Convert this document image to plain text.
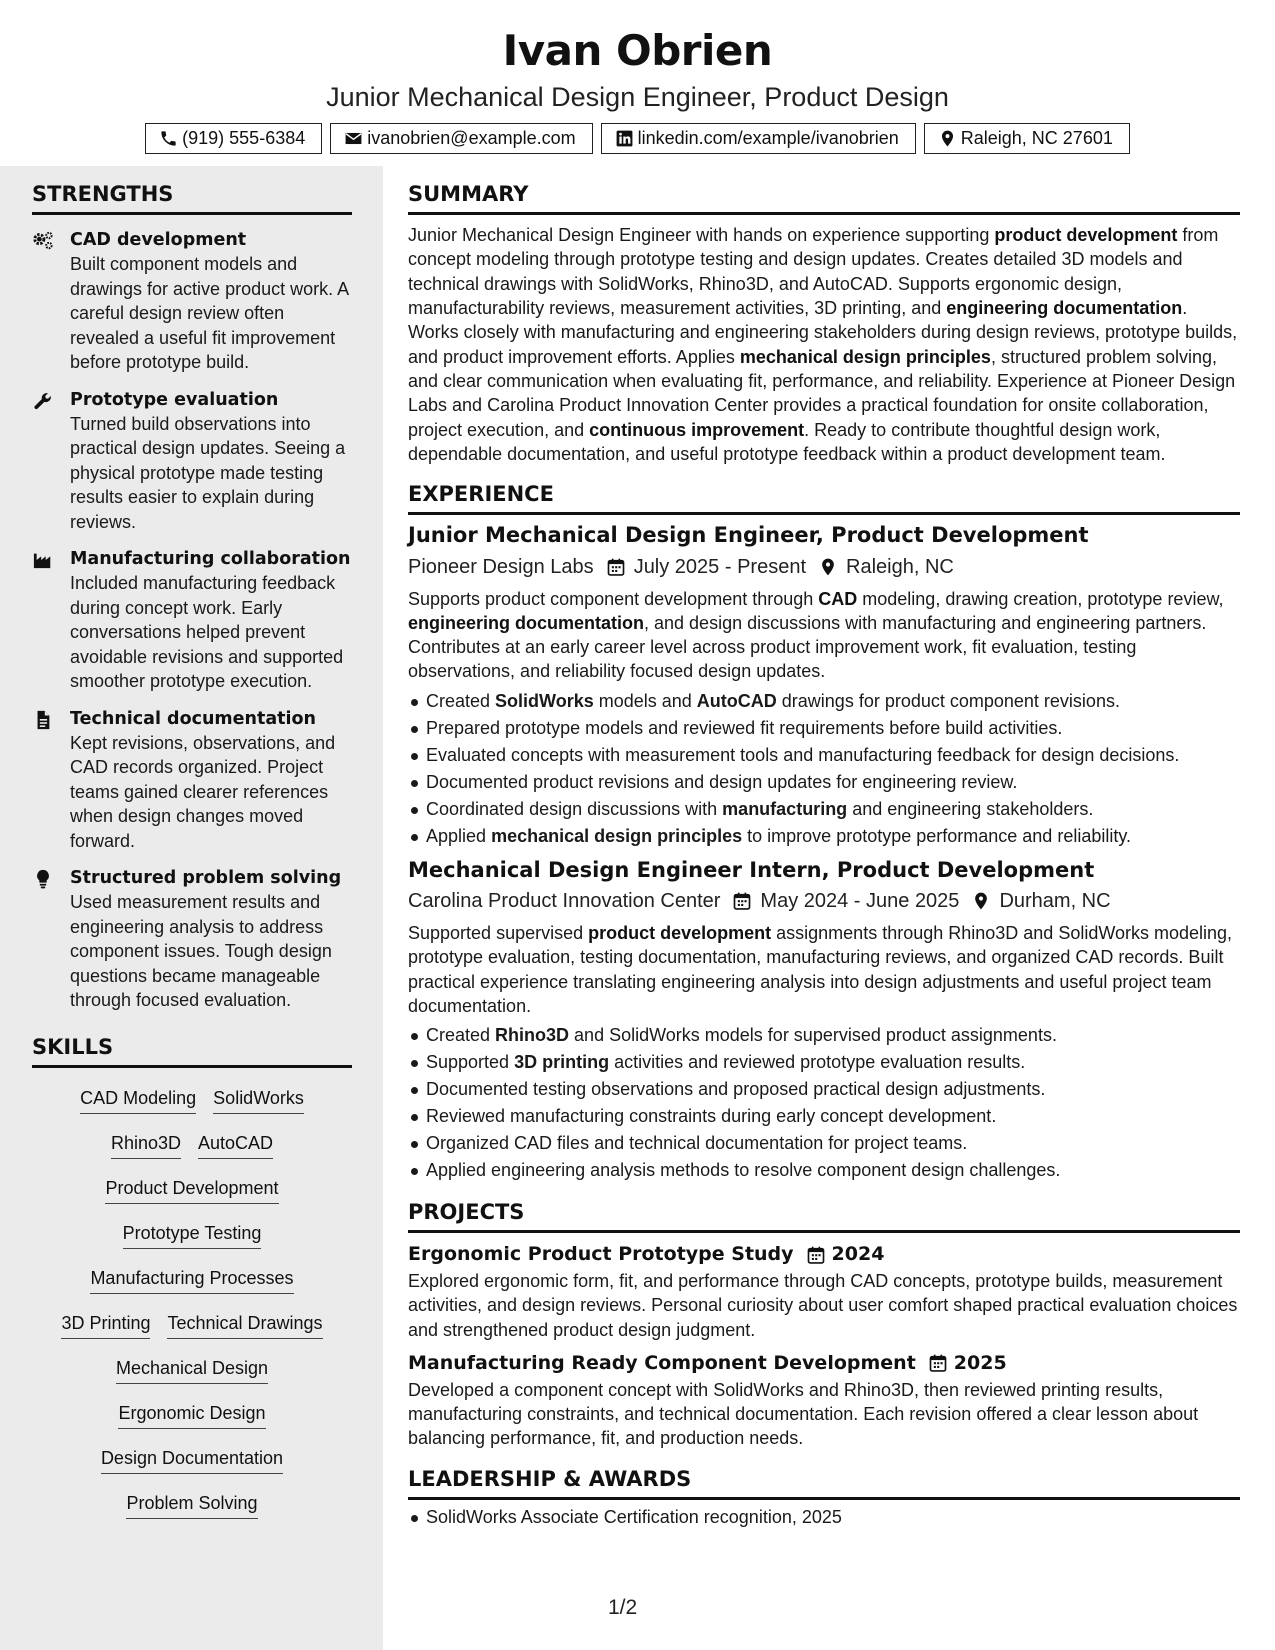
Ivan Obrien
Junior Mechanical Design Engineer, Product Design
(919) 555-6384	ivanobrien@example.com	linkedin.com/example/ivanobrien	Raleigh, NC 27601
STRENGTHS
CAD development
Built component models and drawings for active product work. A careful design review often revealed a useful fit improvement before prototype build.
Prototype evaluation
Turned build observations into practical design updates. Seeing a physical prototype made testing results easier to explain during reviews.
Manufacturing collaboration
Included manufacturing feedback during concept work. Early conversations helped prevent avoidable revisions and supported smoother prototype execution.
Technical documentation
Kept revisions, observations, and CAD records organized. Project teams gained clearer references when design changes moved forward.
Structured problem solving
Used measurement results and engineering analysis to address component issues. Tough design questions became manageable through focused evaluation.
SKILLS
CAD Modeling SolidWorks
Rhino3D AutoCAD
Product Development
Prototype Testing
Manufacturing Processes
3D Printing Technical Drawings
Mechanical Design
Ergonomic Design
Design Documentation
Problem Solving
SUMMARY
Junior Mechanical Design Engineer with hands on experience supporting product development from concept modeling through prototype testing and design updates. Creates detailed 3D models and technical drawings with SolidWorks, Rhino3D, and AutoCAD. Supports ergonomic design, manufacturability reviews, measurement activities, 3D printing, and engineering documentation. Works closely with manufacturing and engineering stakeholders during design reviews, prototype builds, and product improvement efforts. Applies mechanical design principles, structured problem solving, and clear communication when evaluating fit, performance, and reliability. Experience at Pioneer Design Labs and Carolina Product Innovation Center provides a practical foundation for onsite collaboration, project execution, and continuous improvement. Ready to contribute thoughtful design work, dependable documentation, and useful prototype feedback within a product development team.
EXPERIENCE
Junior Mechanical Design Engineer, Product Development
Pioneer Design Labs July 2025 - Present Raleigh, NC
Supports product component development through CAD modeling, drawing creation, prototype review, engineering documentation, and design discussions with manufacturing and engineering partners. Contributes at an early career level across product improvement work, fit evaluation, testing observations, and reliability focused design updates.
Created SolidWorks models and AutoCAD drawings for product component revisions.
Prepared prototype models and reviewed fit requirements before build activities.
Evaluated concepts with measurement tools and manufacturing feedback for design decisions.
Documented product revisions and design updates for engineering review.
Coordinated design discussions with manufacturing and engineering stakeholders.
Applied mechanical design principles to improve prototype performance and reliability.
Mechanical Design Engineer Intern, Product Development
Carolina Product Innovation Center May 2024 - June 2025 Durham, NC
Supported supervised product development assignments through Rhino3D and SolidWorks modeling, prototype evaluation, testing documentation, manufacturing reviews, and organized CAD records. Built practical experience translating engineering analysis into design adjustments and useful project team documentation.
Created Rhino3D and SolidWorks models for supervised product assignments.
Supported 3D printing activities and reviewed prototype evaluation results.
Documented testing observations and proposed practical design adjustments.
Reviewed manufacturing constraints during early concept development.
Organized CAD files and technical documentation for project teams.
Applied engineering analysis methods to resolve component design challenges.
PROJECTS
Ergonomic Product Prototype Study 2024
Explored ergonomic form, fit, and performance through CAD concepts, prototype builds, measurement activities, and design reviews. Personal curiosity about user comfort shaped practical evaluation choices and strengthened product design judgment.
Manufacturing Ready Component Development 2025
Developed a component concept with SolidWorks and Rhino3D, then reviewed printing results, manufacturing constraints, and technical documentation. Each revision offered a clear lesson about balancing performance, fit, and production needs.
LEADERSHIP & AWARDS
SolidWorks Associate Certification recognition, 2025
1/2
